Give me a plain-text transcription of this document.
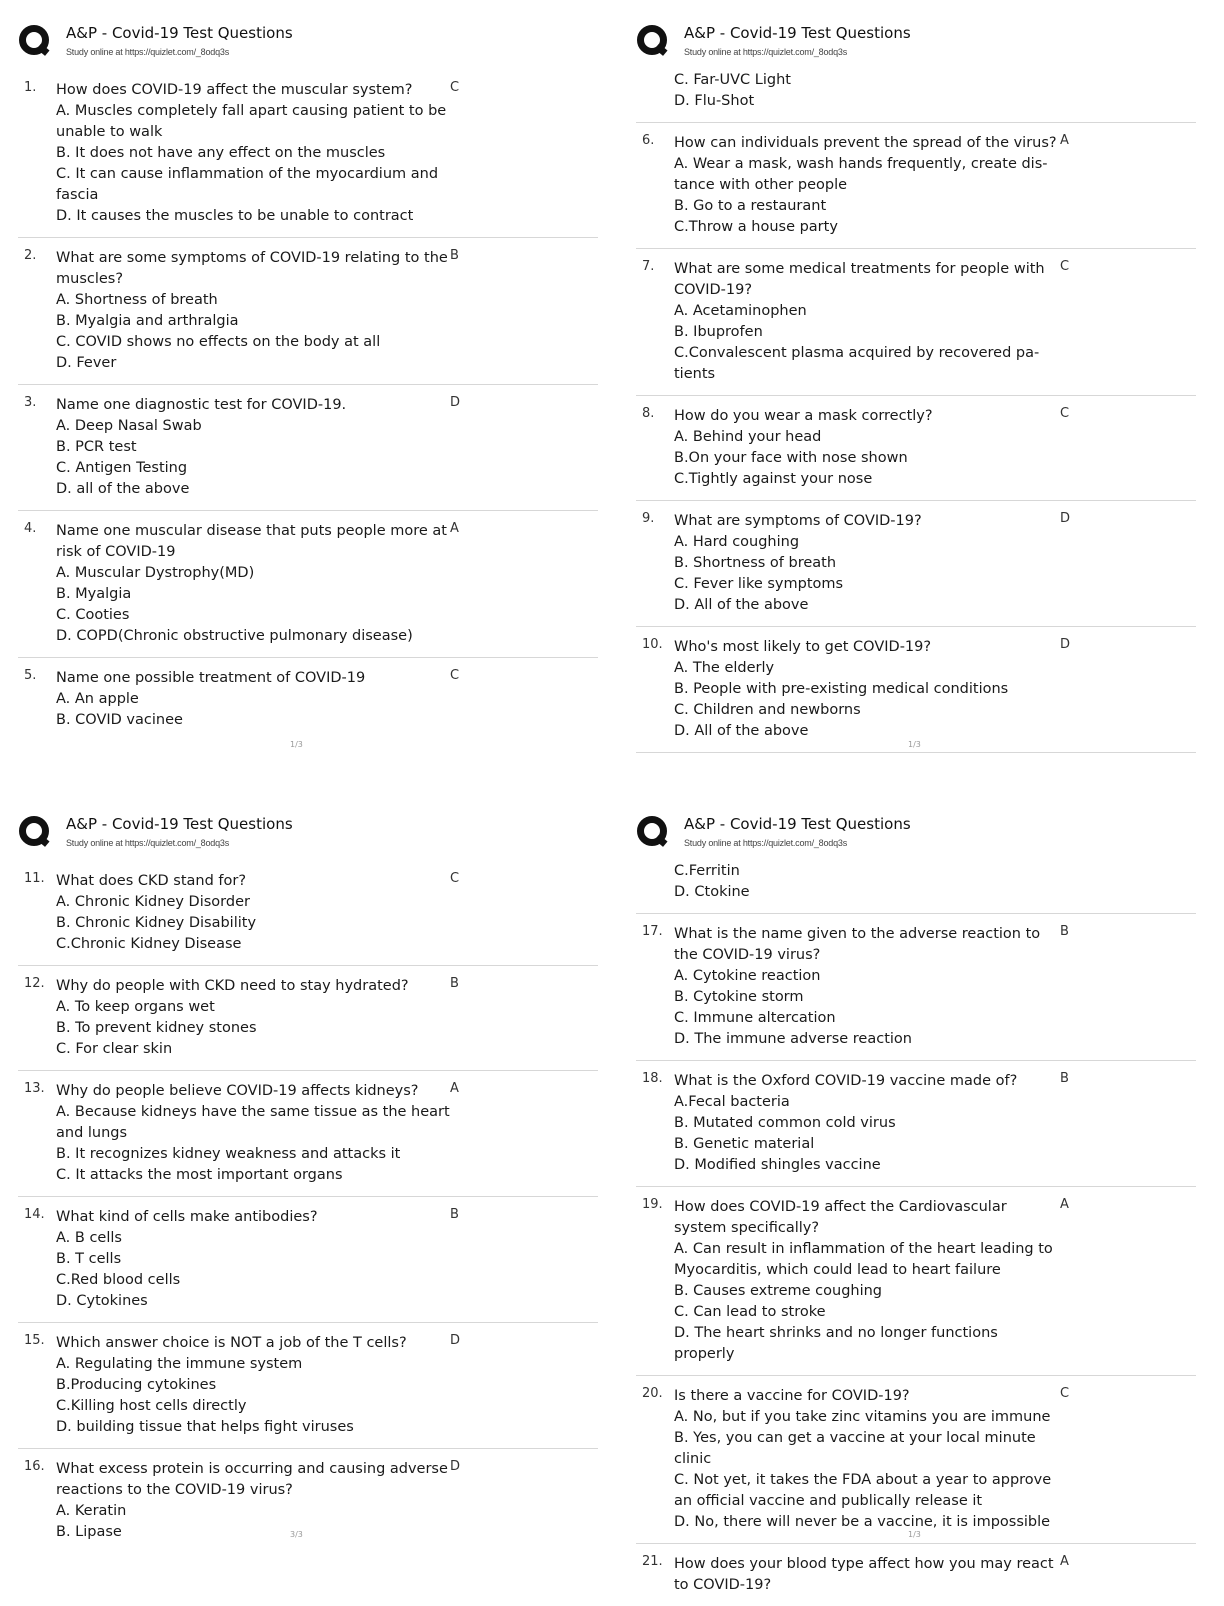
A&P - Covid-19 Test Questions
Study online at https://quizlet.com/_8odq3s
1.	C
How does COVID-19 affect the muscular system?
A. Muscles completely fall apart causing patient to be unable to walk
B. It does not have any effect on the muscles
C. It can cause inflammation of the myocardium and fascia
D. It causes the muscles to be unable to contract
2.	B
What are some symptoms of COVID-19 relating to the muscles?
A. Shortness of breath
B. Myalgia and arthralgia
C. COVID shows no effects on the body at all
D. Fever
3.	D
Name one diagnostic test for COVID-19.
A. Deep Nasal Swab
B. PCR test
C. Antigen Testing
D. all of the above
4.	A
Name one muscular disease that puts people more at risk of COVID-19
A. Muscular Dystrophy(MD)
B. Myalgia
C. Cooties
D. COPD(Chronic obstructive pulmonary disease)
5.	C
Name one possible treatment of COVID-19
A. An apple
B. COVID vacinee
A&P - Covid-19 Test Questions
Study online at https://quizlet.com/_8odq3s
C. Far-UVC Light
D. Flu-Shot
6.	A
How can individuals prevent the spread of the virus?
A. Wear a mask, wash hands frequently, create dis-tance with other people
B. Go to a restaurant
C.Throw a house party
7.	C
What are some medical treatments for people with COVID-19?
A. Acetaminophen
B. Ibuprofen
C.Convalescent plasma acquired by recovered pa-tients
8.	C
How do you wear a mask correctly?
A. Behind your head
B.On your face with nose shown
C.Tightly against your nose
9.	D
What are symptoms of COVID-19?
A. Hard coughing
B. Shortness of breath
C. Fever like symptoms
D. All of the above
10.	D
Who's most likely to get COVID-19?
A. The elderly
B. People with pre-existing medical conditions
C. Children and newborns
D. All of the above
A&P - Covid-19 Test Questions
Study online at https://quizlet.com/_8odq3s
11.	C
What does CKD stand for?
A. Chronic Kidney Disorder
B. Chronic Kidney Disability
C.Chronic Kidney Disease
12.	B
Why do people with CKD need to stay hydrated?
A. To keep organs wet
B. To prevent kidney stones
C. For clear skin
13.	A
Why do people believe COVID-19 affects kidneys?
A. Because kidneys have the same tissue as the heart and lungs
B. It recognizes kidney weakness and attacks it
C. It attacks the most important organs
14.	B
What kind of cells make antibodies?
A. B cells
B. T cells
C.Red blood cells
D. Cytokines
15.	D
Which answer choice is NOT a job of the T cells?
A. Regulating the immune system
B.Producing cytokines
C.Killing host cells directly
D. building tissue that helps fight viruses
16.	D
What excess protein is occurring and causing adverse reactions to the COVID-19 virus?
A. Keratin
B. Lipase
A&P - Covid-19 Test Questions
Study online at https://quizlet.com/_8odq3s
C.Ferritin
D. Ctokine
17.	B
What is the name given to the adverse reaction to the COVID-19 virus?
A. Cytokine reaction
B. Cytokine storm
C. Immune altercation
D. The immune adverse reaction
18.	B
What is the Oxford COVID-19 vaccine made of?
A.Fecal bacteria
B. Mutated common cold virus
B. Genetic material
D. Modified shingles vaccine
19.	A
How does COVID-19 affect the Cardiovascular system specifically?
A. Can result in inflammation of the heart leading to Myocarditis, which could lead to heart failure
B. Causes extreme coughing
C. Can lead to stroke
D. The heart shrinks and no longer functions properly
20.	C
Is there a vaccine for COVID-19?
A. No, but if you take zinc vitamins you are immune
B. Yes, you can get a vaccine at your local minute clinic
C. Not yet, it takes the FDA about a year to approve an official vaccine and publically release it
D. No, there will never be a vaccine, it is impossible
21.	A
How does your blood type affect how you may react to COVID-19?
1/3	1/3
3/3	1/3
